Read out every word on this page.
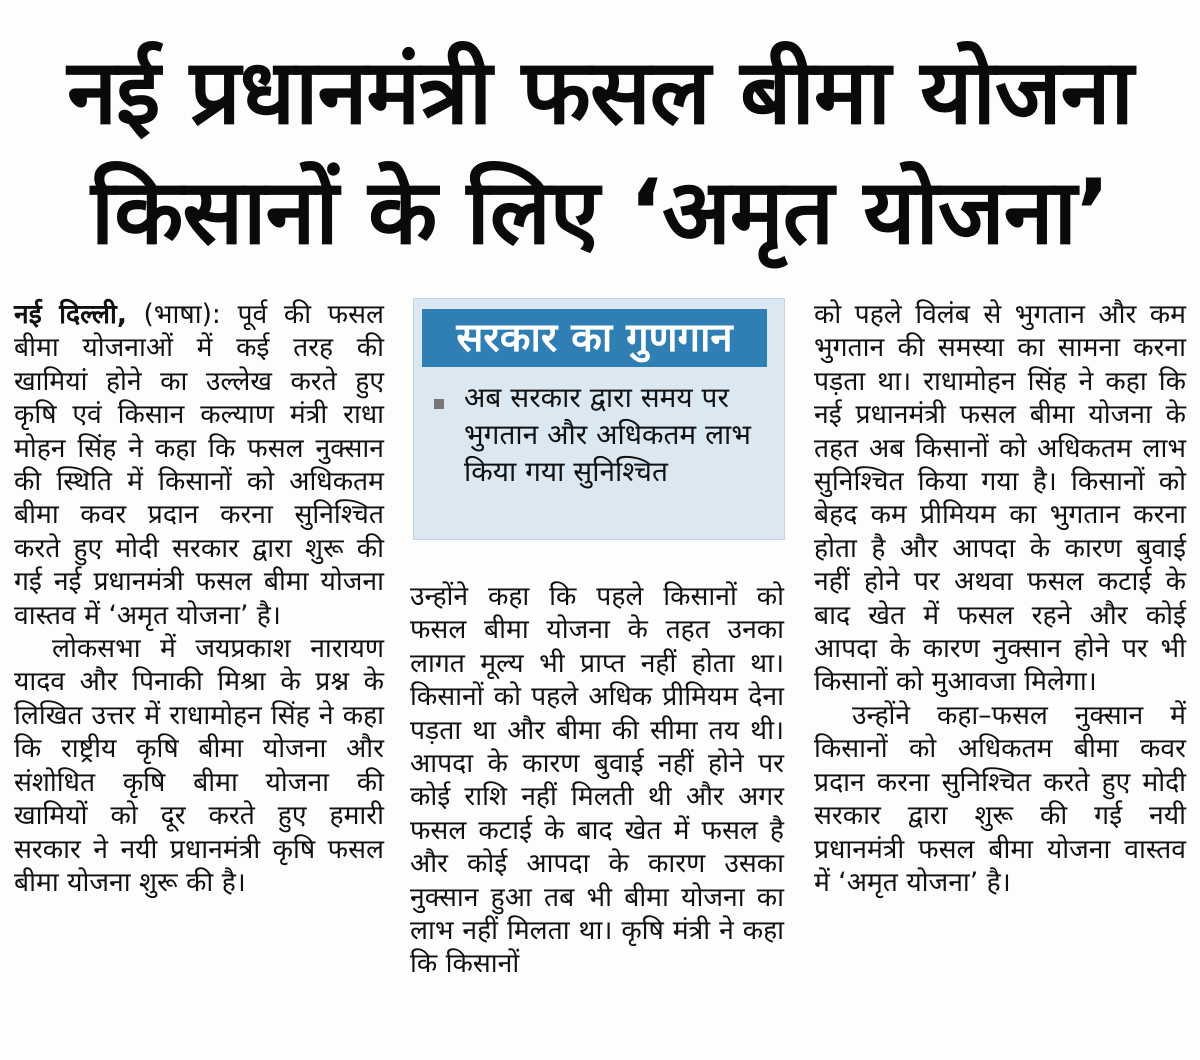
नई प्रधानमंत्री फसल बीमा योजना
किसानों के लिए ‘अमृत योजना’

नई दिल्ली, (भाषा): पूर्व की फसल बीमा योजनाओं में कई तरह की खामियां होने का उल्लेख करते हुए कृषि एवं किसान कल्याण मंत्री राधा मोहन सिंह ने कहा कि फसल नुक्सान की स्थिति में किसानों को अधिकतम बीमा कवर प्रदान करना सुनिश्चित करते हुए मोदी सरकार द्वारा शुरू की गई नई प्रधानमंत्री फसल बीमा योजना वास्तव में ‘अमृत योजना’ है।

लोकसभा में जयप्रकाश नारायण यादव और पिनाकी मिश्रा के प्रश्न के लिखित उत्तर में राधामोहन सिंह ने कहा कि राष्ट्रीय कृषि बीमा योजना और संशोधित कृषि बीमा योजना की खामियों को दूर करते हुए हमारी सरकार ने नयी प्रधानमंत्री कृषि फसल बीमा योजना शुरू की है।

सरकार का गुणगान
अब सरकार द्वारा समय पर भुगतान और अधिकतम लाभ किया गया सुनिश्चित

उन्होंने कहा कि पहले किसानों को फसल बीमा योजना के तहत उनका लागत मूल्य भी प्राप्त नहीं होता था। किसानों को पहले अधिक प्रीमियम देना पड़ता था और बीमा की सीमा तय थी। आपदा के कारण बुवाई नहीं होने पर कोई राशि नहीं मिलती थी और अगर फसल कटाई के बाद खेत में फसल है और कोई आपदा के कारण उसका नुक्सान हुआ तब भी बीमा योजना का लाभ नहीं मिलता था। कृषि मंत्री ने कहा कि किसानों

को पहले विलंब से भुगतान और कम भुगतान की समस्या का सामना करना पड़ता था। राधामोहन सिंह ने कहा कि नई प्रधानमंत्री फसल बीमा योजना के तहत अब किसानों को अधिकतम लाभ सुनिश्चित किया गया है। किसानों को बेहद कम प्रीमियम का भुगतान करना होता है और आपदा के कारण बुवाई नहीं होने पर अथवा फसल कटाई के बाद खेत में फसल रहने और कोई आपदा के कारण नुक्सान होने पर भी किसानों को मुआवजा मिलेगा।

उन्होंने कहा–फसल नुक्सान में किसानों को अधिकतम बीमा कवर प्रदान करना सुनिश्चित करते हुए मोदी सरकार द्वारा शुरू की गई नयी प्रधानमंत्री फसल बीमा योजना वास्तव में ‘अमृत योजना’ है।
